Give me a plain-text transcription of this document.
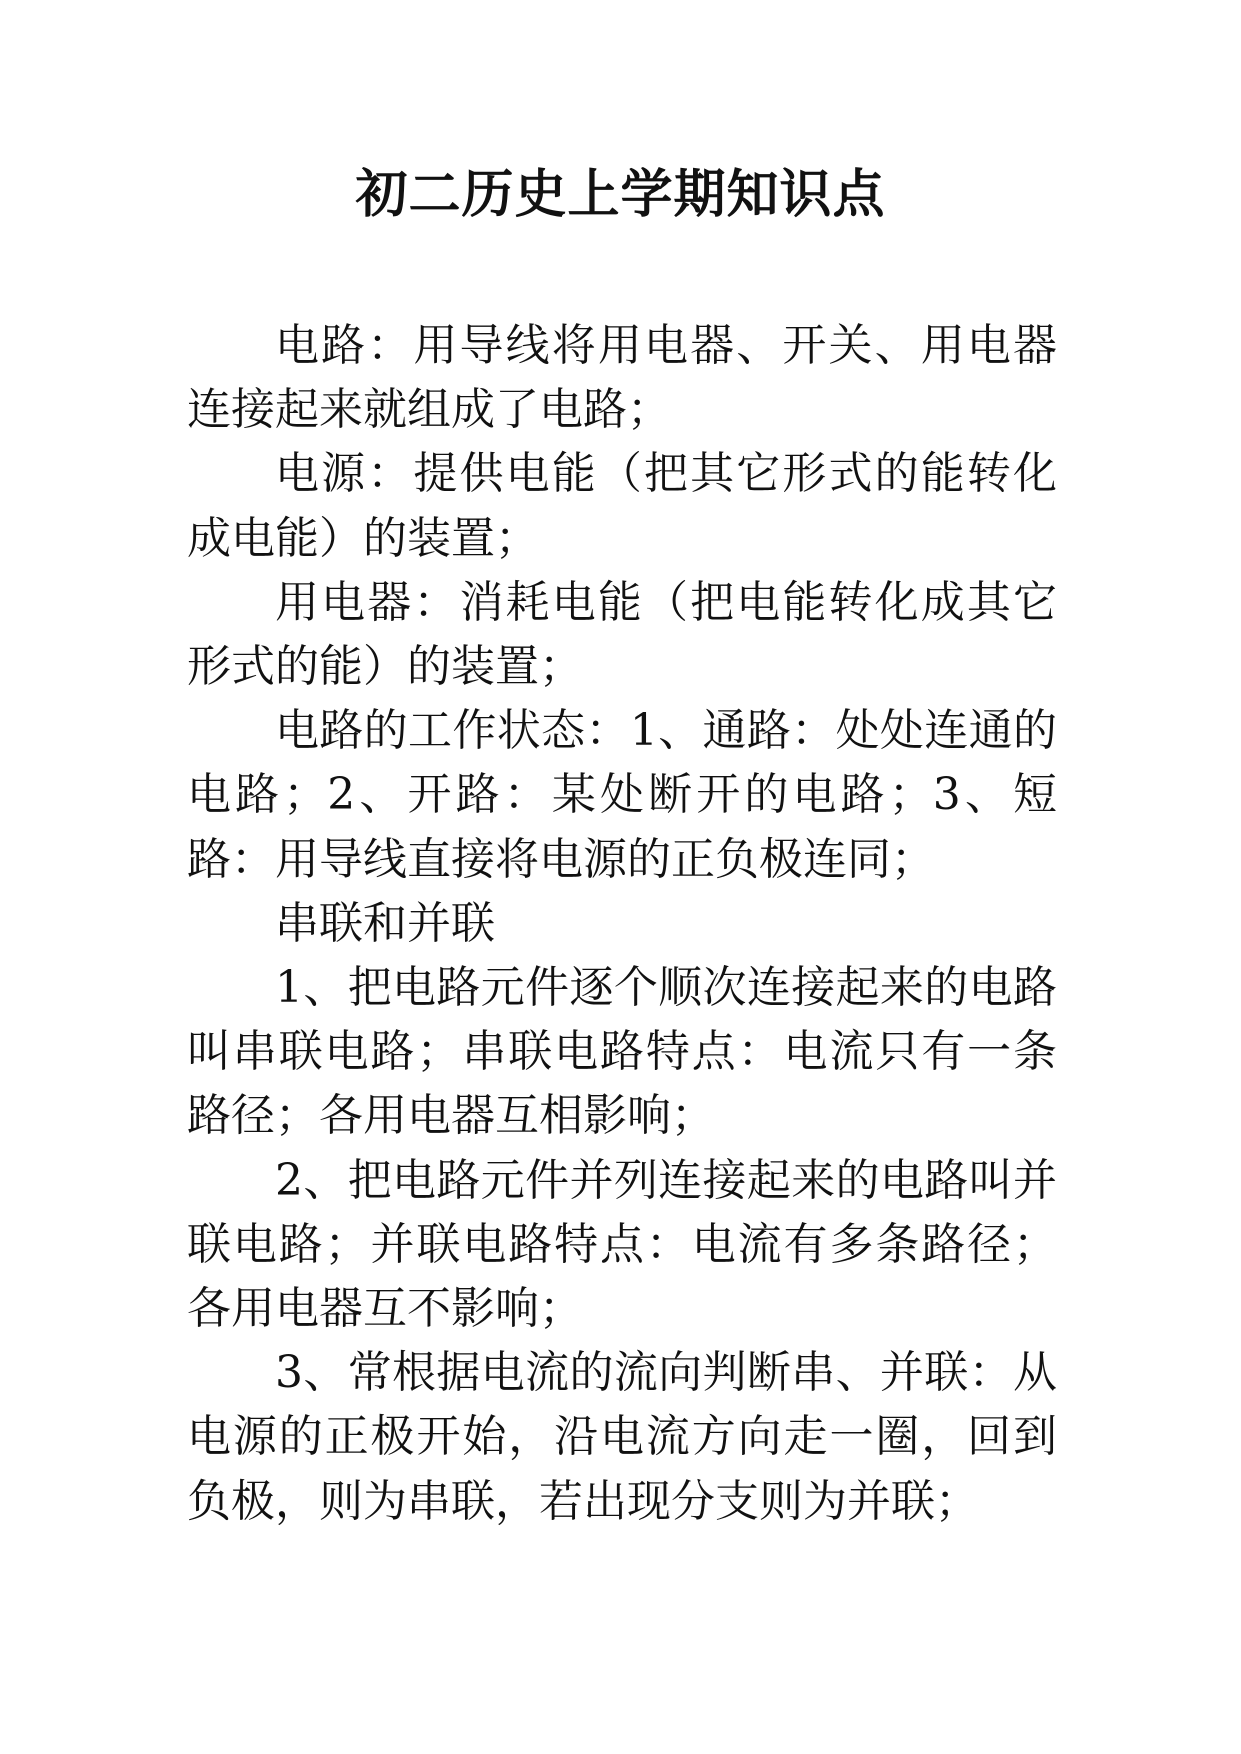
初二历史上学期知识点

电路：用导线将用电器、开关、用电器连接起来就组成了电路；

电源：提供电能（把其它形式的能转化成电能）的装置；

用电器：消耗电能（把电能转化成其它形式的能）的装置；

电路的工作状态：1、通路：处处连通的电路；2、开路：某处断开的电路；3、短路：用导线直接将电源的正负极连同；

串联和并联

1、把电路元件逐个顺次连接起来的电路叫串联电路；串联电路特点：电流只有一条路径；各用电器互相影响；

2、把电路元件并列连接起来的电路叫并联电路；并联电路特点：电流有多条路径；各用电器互不影响；

3、常根据电流的流向判断串、并联：从电源的正极开始，沿电流方向走一圈，回到负极，则为串联，若出现分支则为并联；
